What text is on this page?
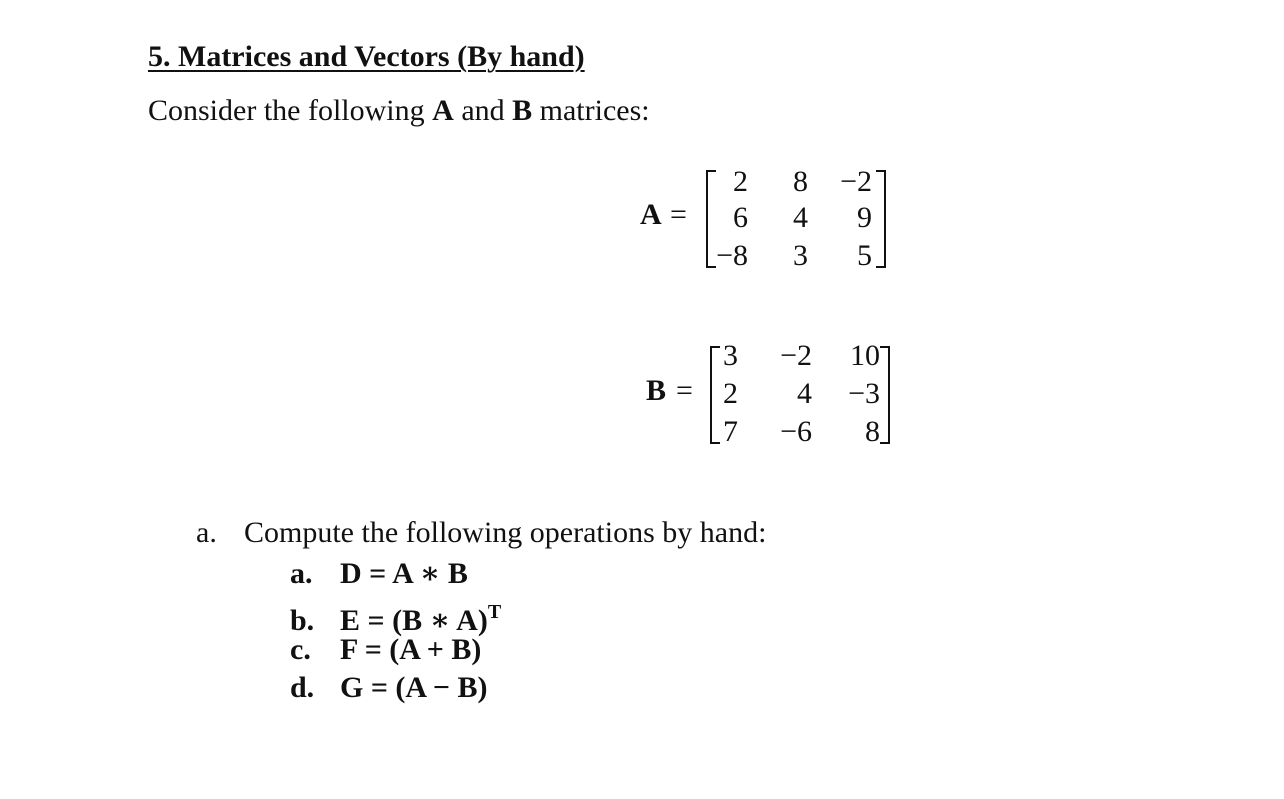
5. Matrices and Vectors (By hand)
Consider the following A and B matrices:
A =
2	8	−2
6	4	9
−8	3	5
B =
3	−2	10
2	4	−3
7	−6	8
a. Compute the following operations by hand:
a. D = A ∗ B
b. E = (B ∗ A)$^T$
c. F = (A + B)
d. G = (A − B)
